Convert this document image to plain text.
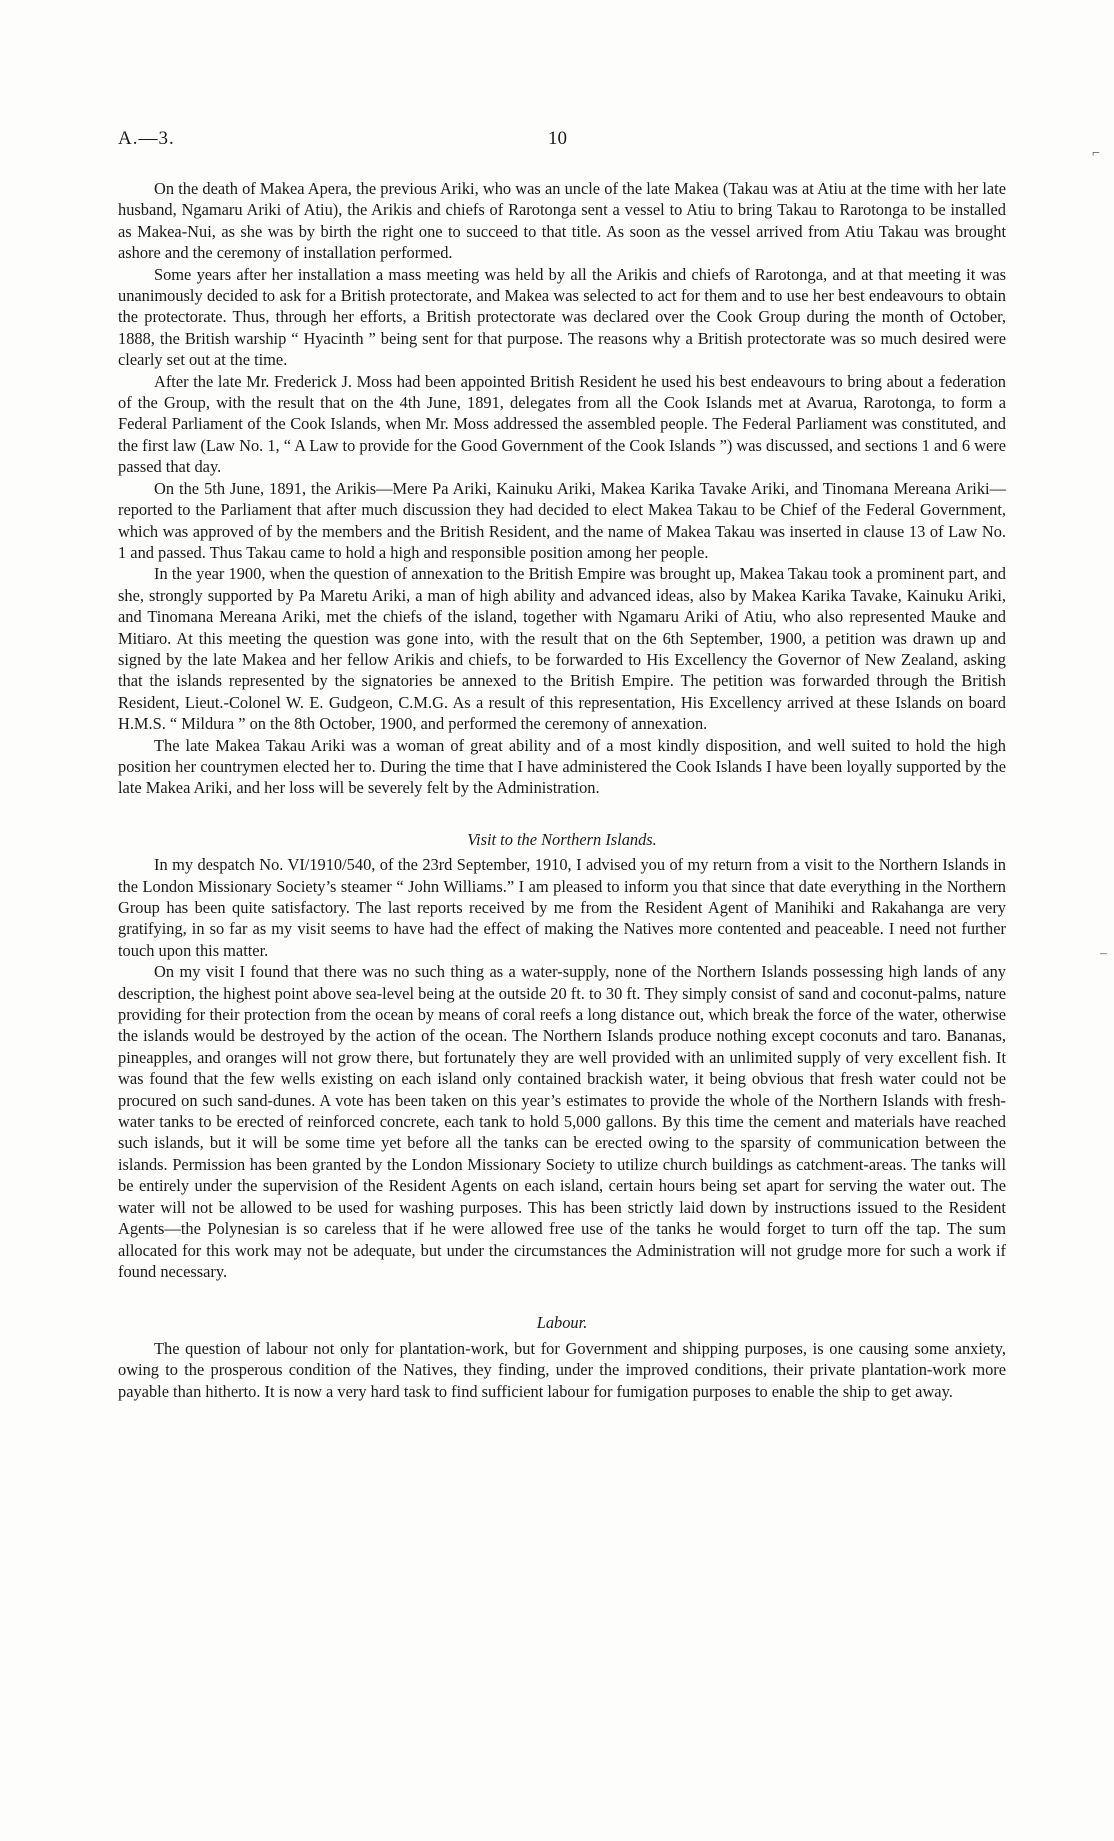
A.—3.	10

On the death of Makea Apera, the previous Ariki, who was an uncle of the late Makea (Takau was at Atiu at the time with her late husband, Ngamaru Ariki of Atiu), the Arikis and chiefs of Rarotonga sent a vessel to Atiu to bring Takau to Rarotonga to be installed as Makea-Nui, as she was by birth the right one to succeed to that title. As soon as the vessel arrived from Atiu Takau was brought ashore and the ceremony of installation performed.

Some years after her installation a mass meeting was held by all the Arikis and chiefs of Rarotonga, and at that meeting it was unanimously decided to ask for a British protectorate, and Makea was selected to act for them and to use her best endeavours to obtain the protectorate. Thus, through her efforts, a British protectorate was declared over the Cook Group during the month of October, 1888, the British warship “ Hyacinth ” being sent for that purpose. The reasons why a British protectorate was so much desired were clearly set out at the time.

After the late Mr. Frederick J. Moss had been appointed British Resident he used his best endeavours to bring about a federation of the Group, with the result that on the 4th June, 1891, delegates from all the Cook Islands met at Avarua, Rarotonga, to form a Federal Parliament of the Cook Islands, when Mr. Moss addressed the assembled people. The Federal Parliament was constituted, and the first law (Law No. 1, “ A Law to provide for the Good Government of the Cook Islands ”) was discussed, and sections 1 and 6 were passed that day.

On the 5th June, 1891, the Arikis—Mere Pa Ariki, Kainuku Ariki, Makea Karika Tavake Ariki, and Tinomana Mereana Ariki—reported to the Parliament that after much discussion they had decided to elect Makea Takau to be Chief of the Federal Government, which was approved of by the members and the British Resident, and the name of Makea Takau was inserted in clause 13 of Law No. 1 and passed. Thus Takau came to hold a high and responsible position among her people.

In the year 1900, when the question of annexation to the British Empire was brought up, Makea Takau took a prominent part, and she, strongly supported by Pa Maretu Ariki, a man of high ability and advanced ideas, also by Makea Karika Tavake, Kainuku Ariki, and Tinomana Mereana Ariki, met the chiefs of the island, together with Ngamaru Ariki of Atiu, who also represented Mauke and Mitiaro. At this meeting the question was gone into, with the result that on the 6th September, 1900, a petition was drawn up and signed by the late Makea and her fellow Arikis and chiefs, to be forwarded to His Excellency the Governor of New Zealand, asking that the islands represented by the signatories be annexed to the British Empire. The petition was forwarded through the British Resident, Lieut.-Colonel W. E. Gudgeon, C.M.G. As a result of this representation, His Excellency arrived at these Islands on board H.M.S. “ Mildura ” on the 8th October, 1900, and performed the ceremony of annexation.

The late Makea Takau Ariki was a woman of great ability and of a most kindly disposition, and well suited to hold the high position her countrymen elected her to. During the time that I have administered the Cook Islands I have been loyally supported by the late Makea Ariki, and her loss will be severely felt by the Administration.

Visit to the Northern Islands.

In my despatch No. VI/1910/540, of the 23rd September, 1910, I advised you of my return from a visit to the Northern Islands in the London Missionary Society’s steamer “ John Williams.” I am pleased to inform you that since that date everything in the Northern Group has been quite satisfactory. The last reports received by me from the Resident Agent of Manihiki and Rakahanga are very gratifying, in so far as my visit seems to have had the effect of making the Natives more contented and peaceable. I need not further touch upon this matter.

On my visit I found that there was no such thing as a water-supply, none of the Northern Islands possessing high lands of any description, the highest point above sea-level being at the outside 20 ft. to 30 ft. They simply consist of sand and coconut-palms, nature providing for their protection from the ocean by means of coral reefs a long distance out, which break the force of the water, otherwise the islands would be destroyed by the action of the ocean. The Northern Islands produce nothing except coconuts and taro. Bananas, pineapples, and oranges will not grow there, but fortunately they are well provided with an unlimited supply of very excellent fish. It was found that the few wells existing on each island only contained brackish water, it being obvious that fresh water could not be procured on such sand-dunes. A vote has been taken on this year’s estimates to provide the whole of the Northern Islands with fresh-water tanks to be erected of reinforced concrete, each tank to hold 5,000 gallons. By this time the cement and materials have reached such islands, but it will be some time yet before all the tanks can be erected owing to the sparsity of communication between the islands. Permission has been granted by the London Missionary Society to utilize church buildings as catchment-areas. The tanks will be entirely under the supervision of the Resident Agents on each island, certain hours being set apart for serving the water out. The water will not be allowed to be used for washing purposes. This has been strictly laid down by instructions issued to the Resident Agents—the Polynesian is so careless that if he were allowed free use of the tanks he would forget to turn off the tap. The sum allocated for this work may not be adequate, but under the circumstances the Administration will not grudge more for such a work if found necessary.

Labour.

The question of labour not only for plantation-work, but for Government and shipping purposes, is one causing some anxiety, owing to the prosperous condition of the Natives, they finding, under the improved conditions, their private plantation-work more payable than hitherto. It is now a very hard task to find sufficient labour for fumigation purposes to enable the ship to get away.

⌐
–
